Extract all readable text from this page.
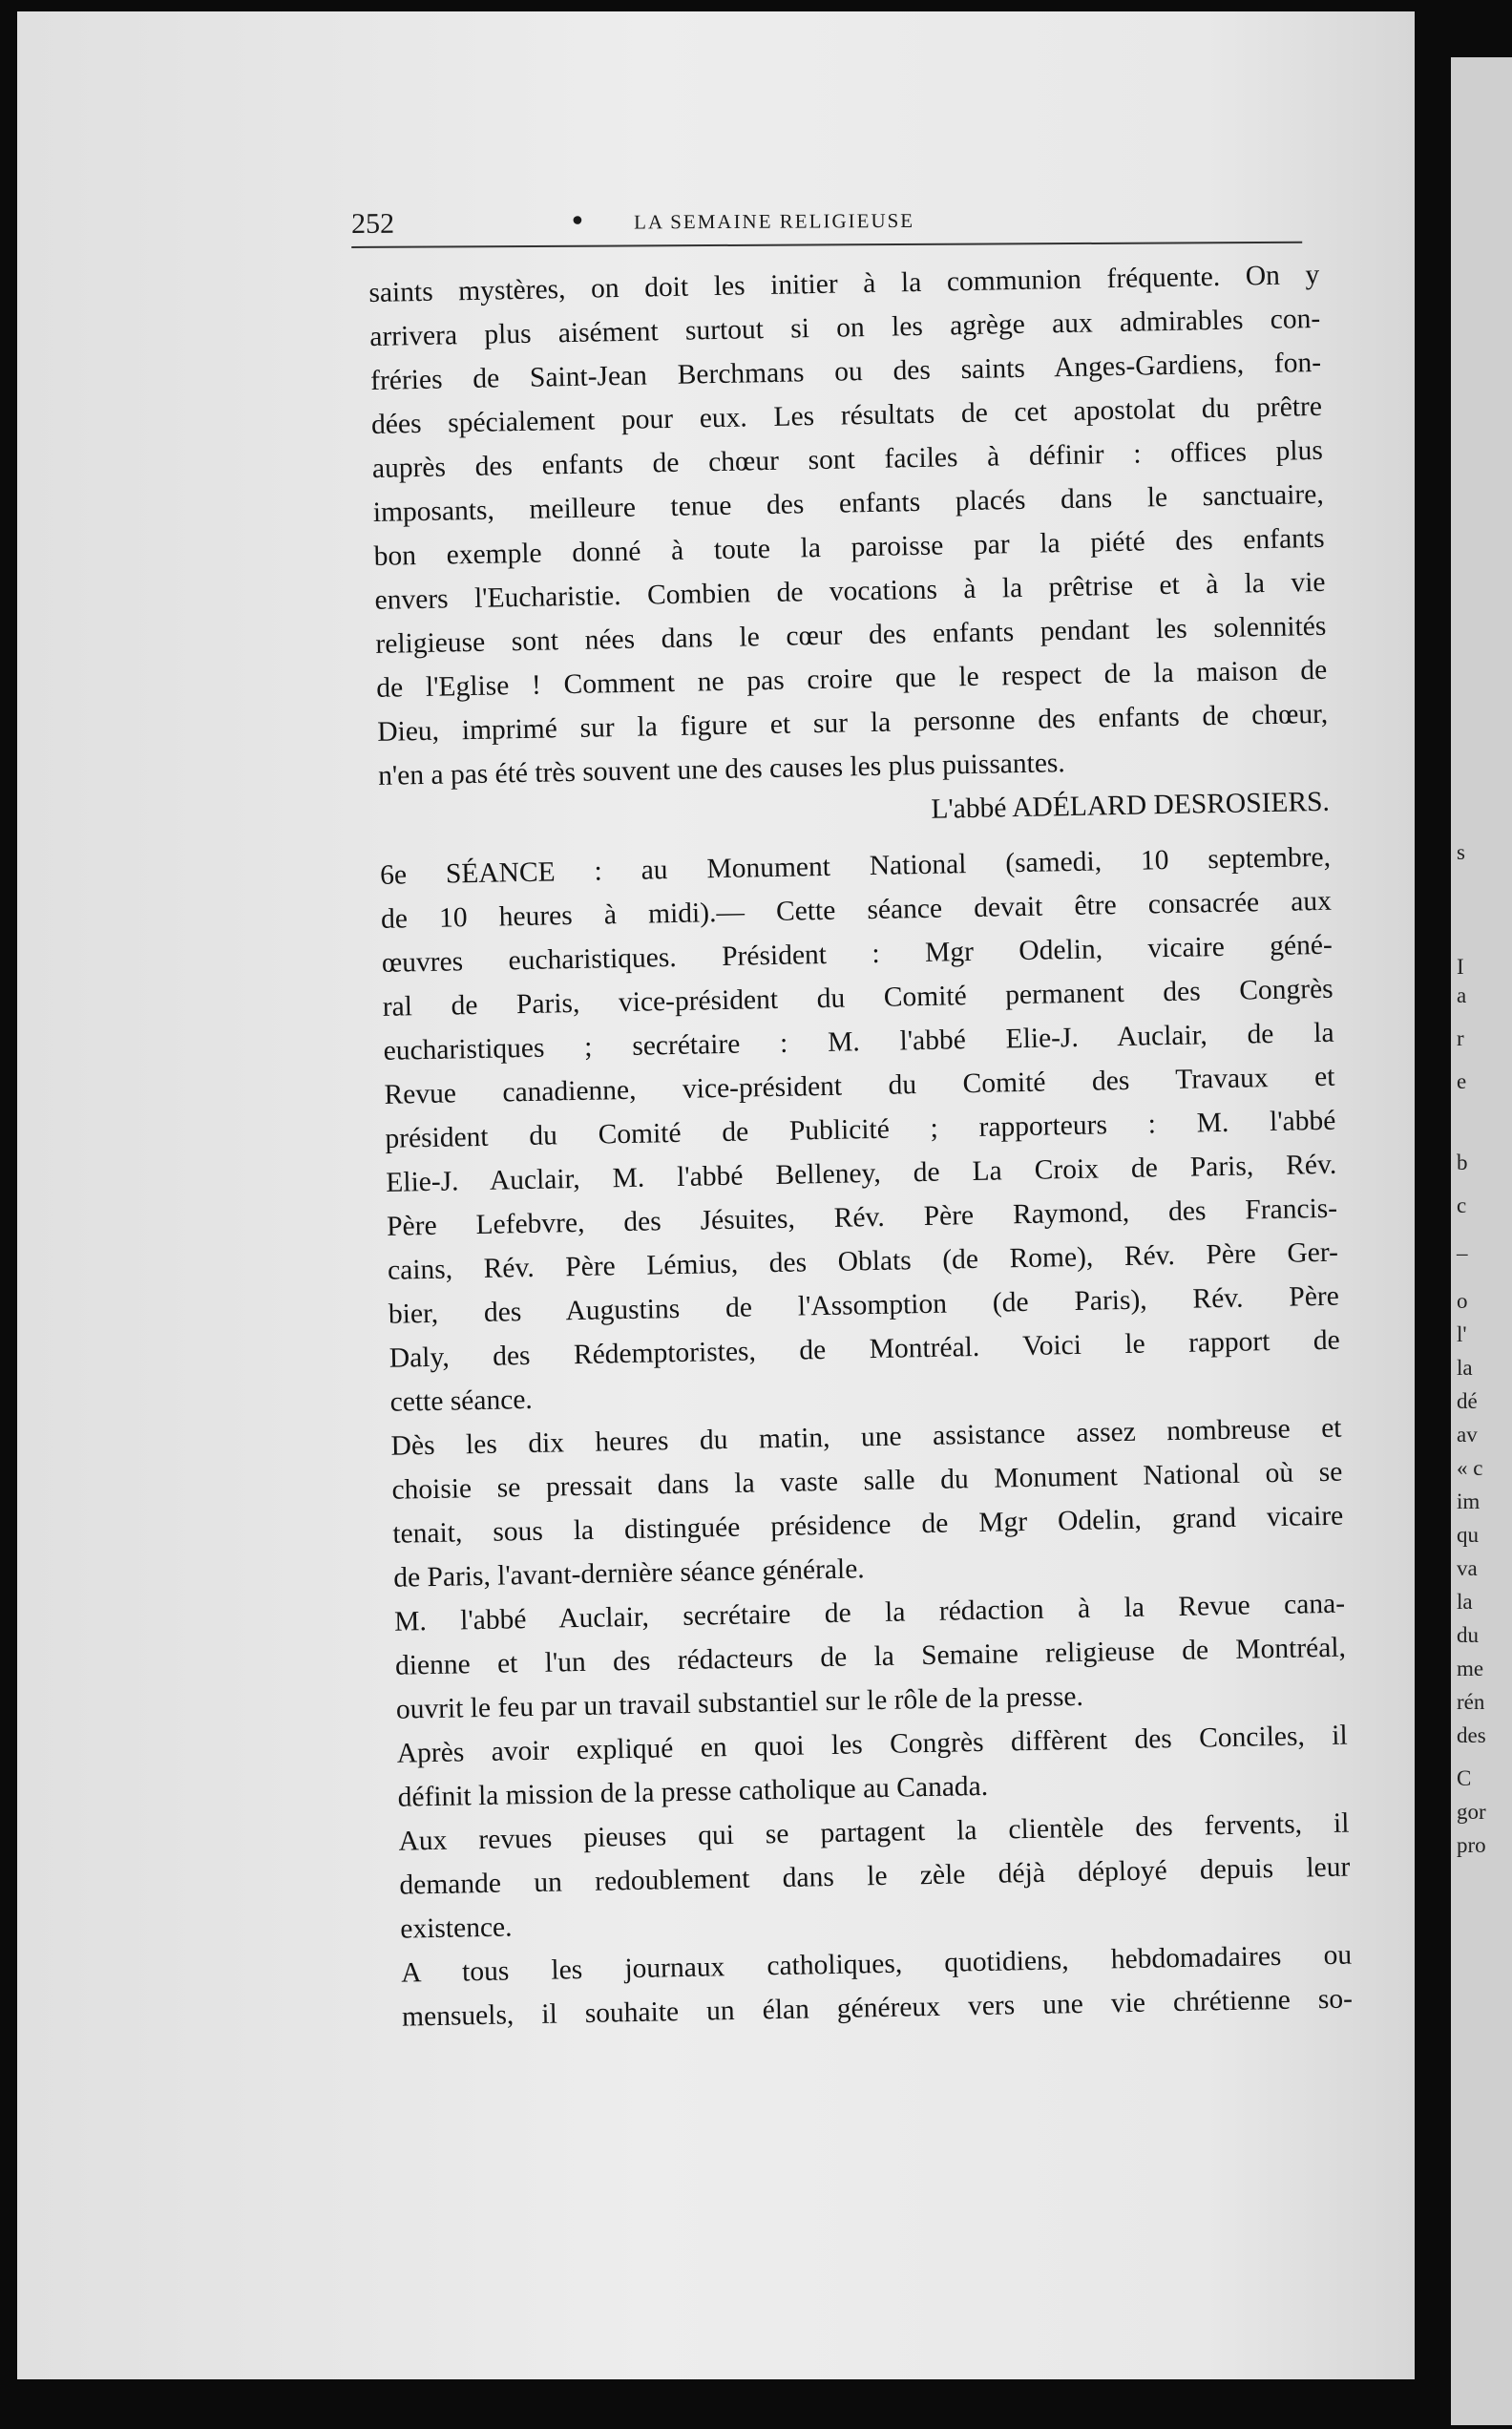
252	• LA SEMAINE RELIGIEUSE
saints mystères, on doit les initier à la communion fréquente. On y
arrivera plus aisément surtout si on les agrège aux admirables con-
fréries de Saint-Jean Berchmans ou des saints Anges-Gardiens, fon-
dées spécialement pour eux. Les résultats de cet apostolat du prêtre
auprès des enfants de chœur sont faciles à définir : offices plus
imposants, meilleure tenue des enfants placés dans le sanctuaire,
bon exemple donné à toute la paroisse par la piété des enfants
envers l'Eucharistie. Combien de vocations à la prêtrise et à la vie
religieuse sont nées dans le cœur des enfants pendant les solennités
de l'Eglise ! Comment ne pas croire que le respect de la maison de
Dieu, imprimé sur la figure et sur la personne des enfants de chœur,
n'en a pas été très souvent une des causes les plus puissantes.
L'abbé ADÉLARD DESROSIERS.
6e SÉANCE : au Monument National (samedi, 10 septembre,
de 10 heures à midi).— Cette séance devait être consacrée aux
œuvres eucharistiques. Président : Mgr Odelin, vicaire géné-
ral de Paris, vice-président du Comité permanent des Congrès
eucharistiques ; secrétaire : M. l'abbé Elie-J. Auclair, de la
Revue canadienne, vice-président du Comité des Travaux et
président du Comité de Publicité ; rapporteurs : M. l'abbé
Elie-J. Auclair, M. l'abbé Belleney, de La Croix de Paris, Rév.
Père Lefebvre, des Jésuites, Rév. Père Raymond, des Francis-
cains, Rév. Père Lémius, des Oblats (de Rome), Rév. Père Ger-
bier, des Augustins de l'Assomption (de Paris), Rév. Père
Daly, des Rédemptoristes, de Montréal. Voici le rapport de
cette séance.
Dès les dix heures du matin, une assistance assez nombreuse et
choisie se pressait dans la vaste salle du Monument National où se
tenait, sous la distinguée présidence de Mgr Odelin, grand vicaire
de Paris, l'avant-dernière séance générale.
M. l'abbé Auclair, secrétaire de la rédaction à la Revue cana-
dienne et l'un des rédacteurs de la Semaine religieuse de Montréal,
ouvrit le feu par un travail substantiel sur le rôle de la presse.
Après avoir expliqué en quoi les Congrès diffèrent des Conciles, il
définit la mission de la presse catholique au Canada.
Aux revues pieuses qui se partagent la clientèle des fervents, il
demande un redoublement dans le zèle déjà déployé depuis leur
existence.
A tous les journaux catholiques, quotidiens, hebdomadaires ou
mensuels, il souhaite un élan généreux vers une vie chrétienne so-
s
I
a
r
e
b
c
–
o
l'
la
dé
av
« c
im
qu
va
la
du
me
rén
des
C
gor
pro
